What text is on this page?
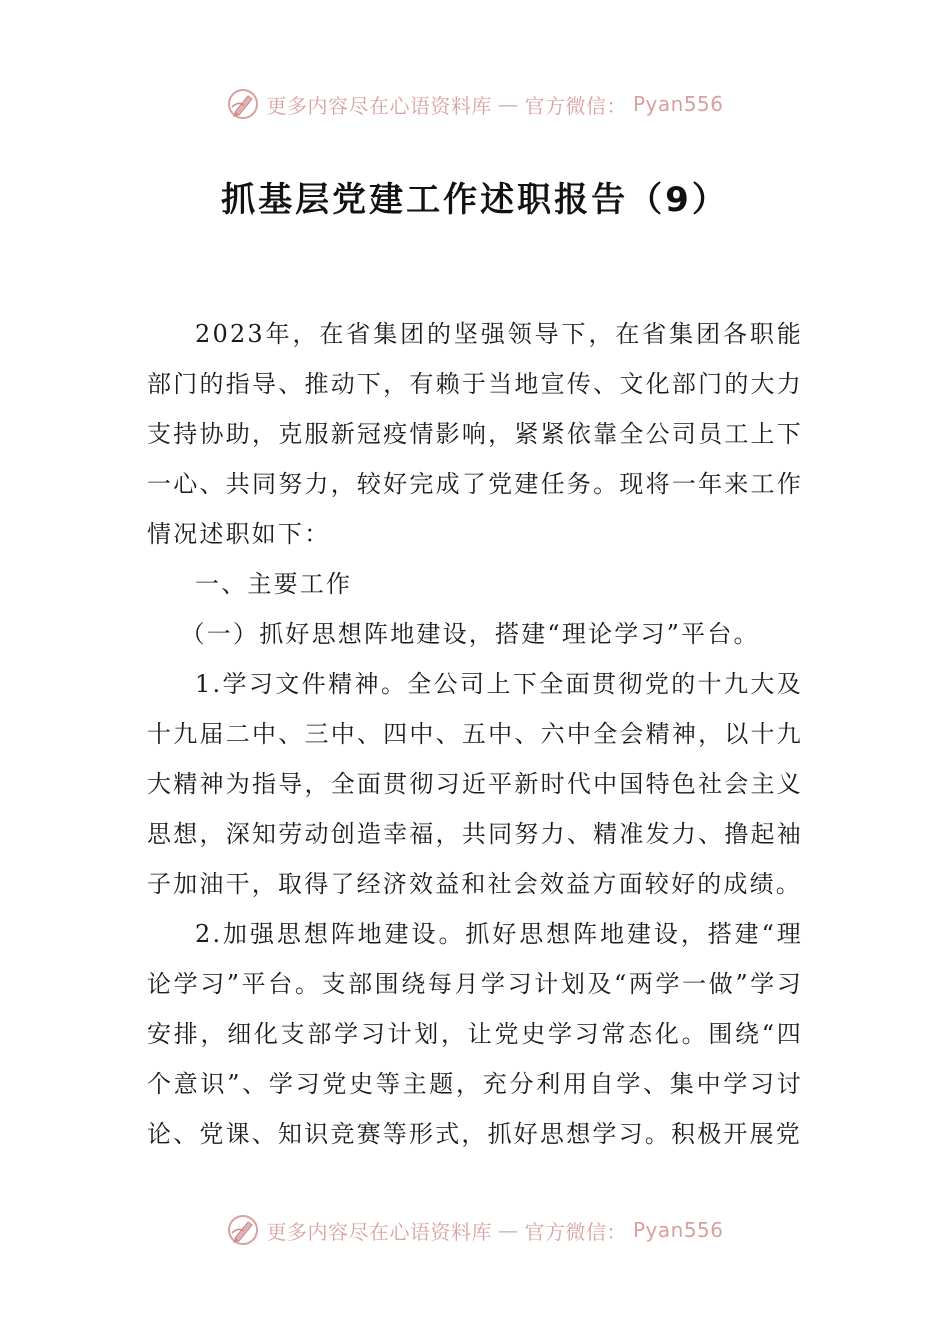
更多内容尽在心语资料库 — 官方微信： Pyan556
抓基层党建工作述职报告（9）

2023年，在省集团的坚强领导下，在省集团各职能部门的指导、推动下，有赖于当地宣传、文化部门的大力支持协助，克服新冠疫情影响，紧紧依靠全公司员工上下一心、共同努力，较好完成了党建任务。现将一年来工作情况述职如下：

一、主要工作

（一）抓好思想阵地建设，搭建“理论学习”平台。

1.学习文件精神。全公司上下全面贯彻党的十九大及十九届二中、三中、四中、五中、六中全会精神，以十九大精神为指导，全面贯彻习近平新时代中国特色社会主义思想，深知劳动创造幸福，共同努力、精准发力、撸起袖子加油干，取得了经济效益和社会效益方面较好的成绩。

2.加强思想阵地建设。抓好思想阵地建设，搭建“理论学习”平台。支部围绕每月学习计划及“两学一做”学习安排，细化支部学习计划，让党史学习常态化。围绕“四个意识”、学习党史等主题，充分利用自学、集中学习讨论、党课、知识竞赛等形式，抓好思想学习。积极开展党

更多内容尽在心语资料库 — 官方微信： Pyan556
